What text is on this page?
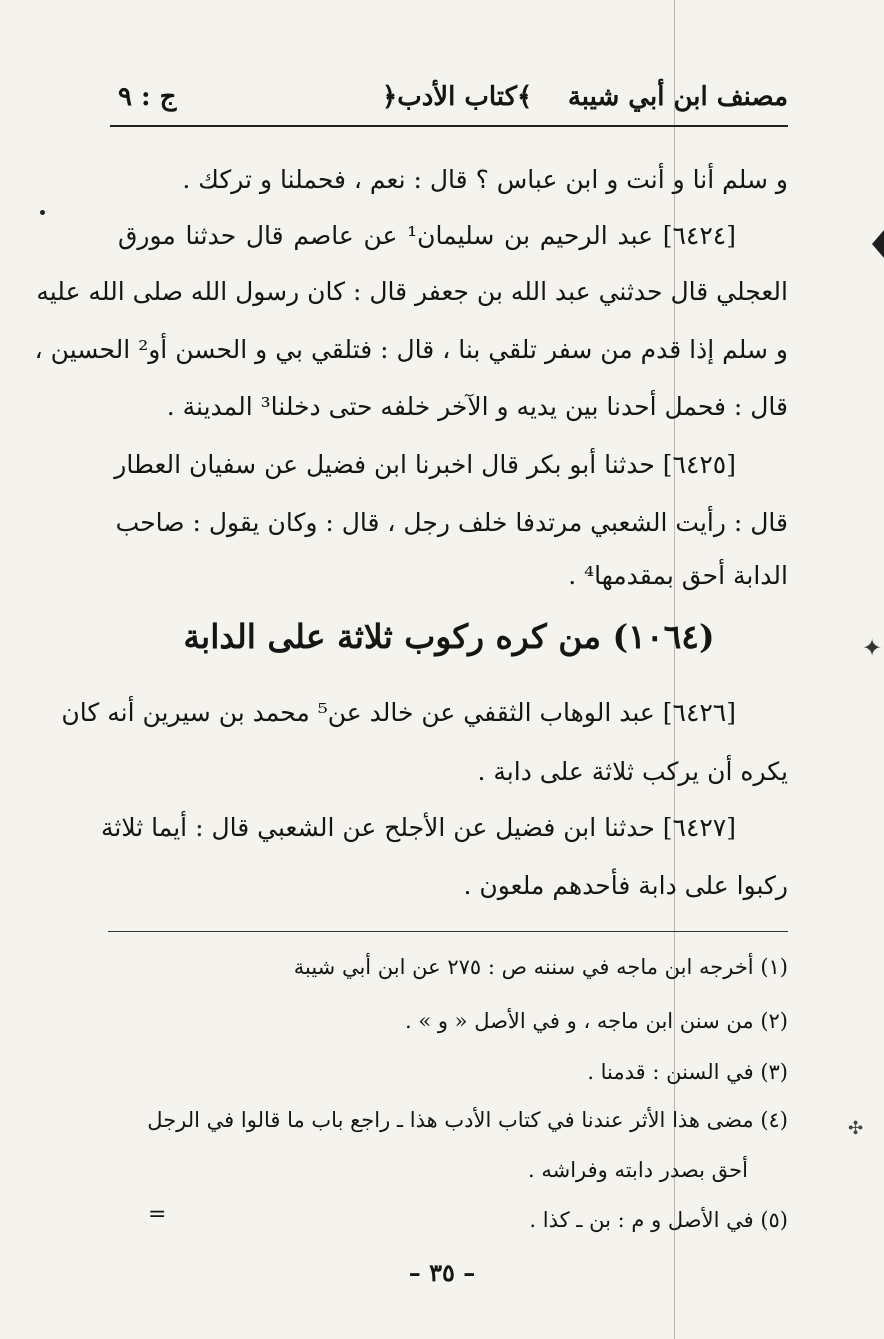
✦
✣
مصنف ابن أبي شيبة
﴿كتاب الأدب﴾
ج : ٩
و سلم أنا و أنت و ابن عباس ؟ قال : نعم ، فحملنا و تركك .
[٦٤٢٤] عبد الرحيم بن سليمان¹ عن عاصم قال حدثنا مورق
العجلي قال حدثني عبد الله بن جعفر قال : كان رسول الله صلى الله عليه
و سلم إذا قدم من سفر تلقي بنا ، قال : فتلقي بي و الحسن أو² الحسين ،
قال : فحمل أحدنا بين يديه و الآخر خلفه حتى دخلنا³ المدينة .
[٦٤٢٥] حدثنا أبو بكر قال اخبرنا ابن فضيل عن سفيان العطار
قال : رأيت الشعبي مرتدفا خلف رجل ، قال : وكان يقول : صاحب
الدابة أحق بمقدمها⁴ .
(١٠٦٤) من كره ركوب ثلاثة على الدابة
[٦٤٢٦] عبد الوهاب الثقفي عن خالد عن⁵ محمد بن سيرين أنه كان
يكره أن يركب ثلاثة على دابة .
[٦٤٢٧] حدثنا ابن فضيل عن الأجلح عن الشعبي قال : أيما ثلاثة
ركبوا على دابة فأحدهم ملعون .
(١) أخرجه ابن ماجه في سننه ص : ٢٧٥ عن ابن أبي شيبة
(٢) من سنن ابن ماجه ، و في الأصل « و » .
(٣) في السنن : قدمنا .
(٤) مضى هذا الأثر عندنا في كتاب الأدب هذا ـ راجع باب ما قالوا في الرجل
أحق بصدر دابته وفراشه .
(٥) في الأصل و م : بن ـ كذا .
=
– ٣٥ –
